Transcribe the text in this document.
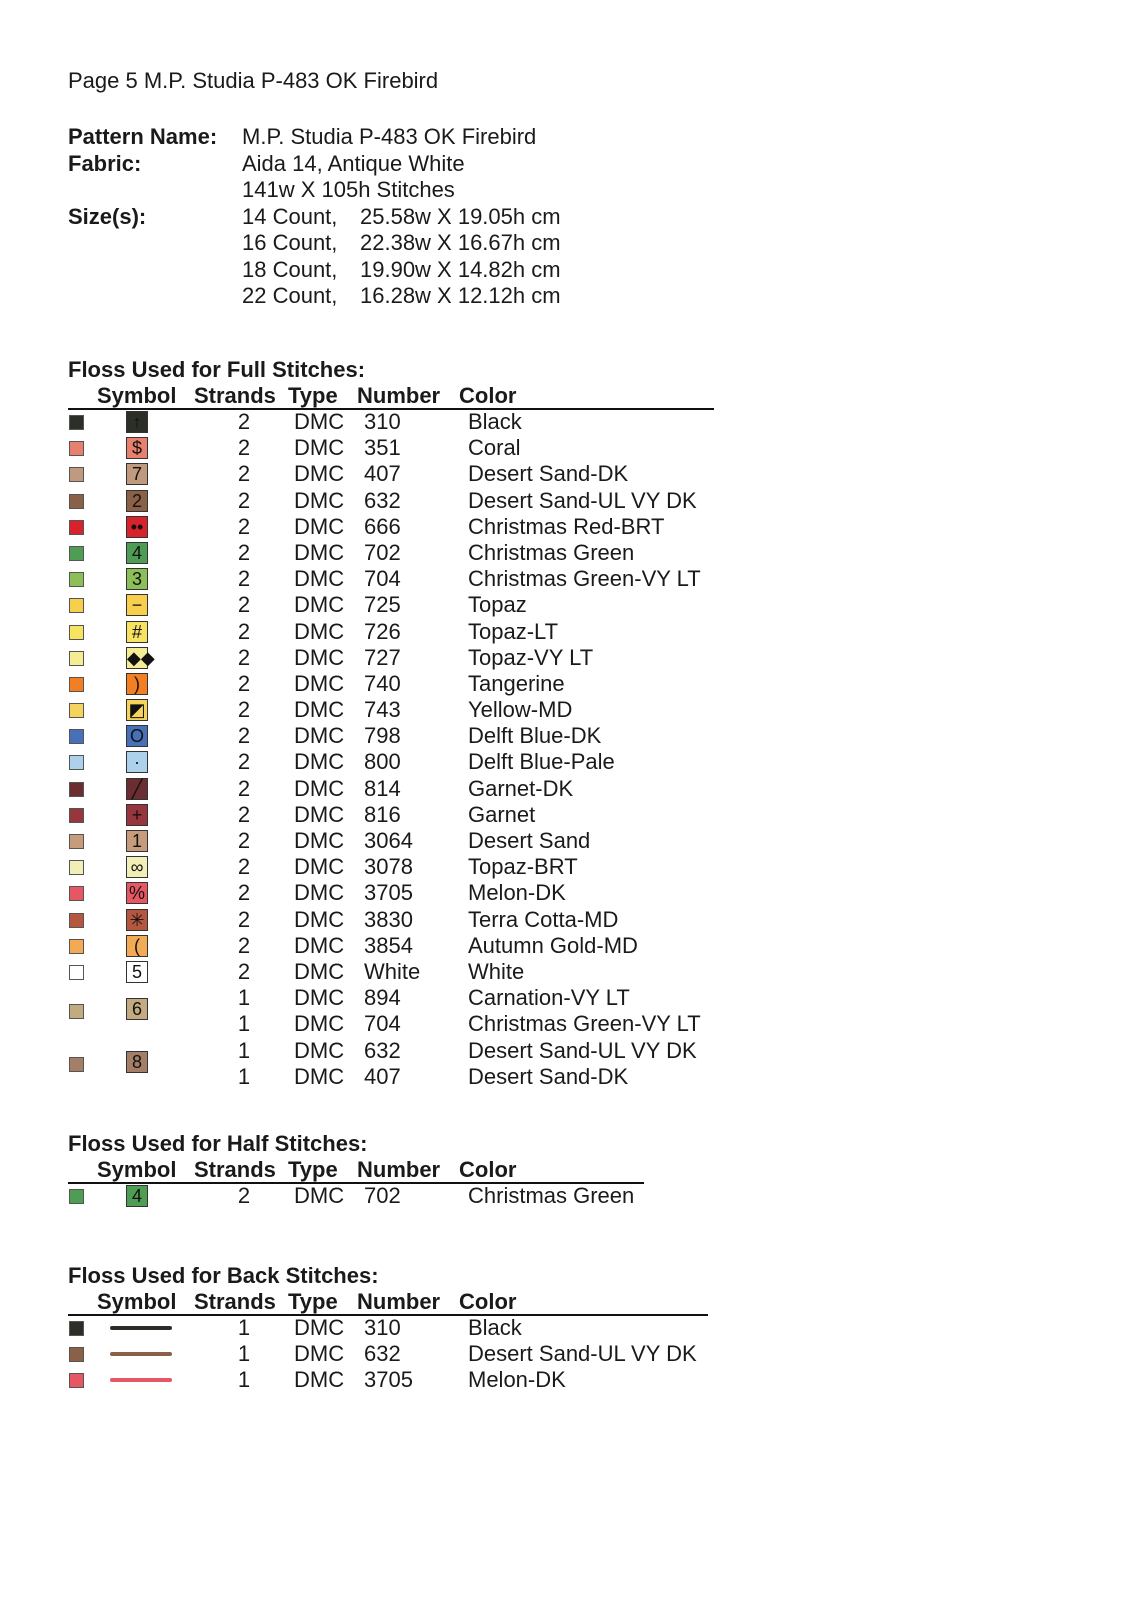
Page 5 M.P. Studia P-483 OK Firebird
Pattern Name:	M.P. Studia P-483 OK Firebird
Fabric:	Aida 14, Antique White
141w X 105h Stitches
Size(s):	14 Count,	25.58w X 19.05h cm
16 Count,	22.38w X 16.67h cm
18 Count,	19.90w X 14.82h cm
22 Count,	16.28w X 12.12h cm
Floss Used for Full Stitches:
Symbol Strands Type Number Color
↑	2 DMC 310	Black
$	2 DMC 351	Coral
7	2 DMC 407	Desert Sand-DK
2	2 DMC 632	Desert Sand-UL VY DK
••	2 DMC 666	Christmas Red-BRT
4	2 DMC 702	Christmas Green
3	2 DMC 704	Christmas Green-VY LT
−	2 DMC 725	Topaz
#	2 DMC 726	Topaz-LT
◆◆	2 DMC 727	Topaz-VY LT
)	2 DMC 740	Tangerine
◩	2 DMC 743	Yellow-MD
O	2 DMC 798	Delft Blue-DK
·	2 DMC 800	Delft Blue-Pale
╱	2 DMC 814	Garnet-DK
+	2 DMC 816	Garnet
1	2 DMC 3064	Desert Sand
∞	2 DMC 3078	Topaz-BRT
%	2 DMC 3705	Melon-DK
✳	2 DMC 3830	Terra Cotta-MD
(	2 DMC 3854	Autumn Gold-MD
5	2 DMC White White
6	1 DMC 894	Carnation-VY LT
1 DMC 704	Christmas Green-VY LT
8	1 DMC 632	Desert Sand-UL VY DK
1 DMC 407	Desert Sand-DK
Floss Used for Half Stitches:
Symbol Strands Type Number Color
4	2 DMC 702	Christmas Green
Floss Used for Back Stitches:
Symbol Strands Type Number Color
1 DMC 310	Black
1 DMC 632	Desert Sand-UL VY DK
1 DMC 3705	Melon-DK
